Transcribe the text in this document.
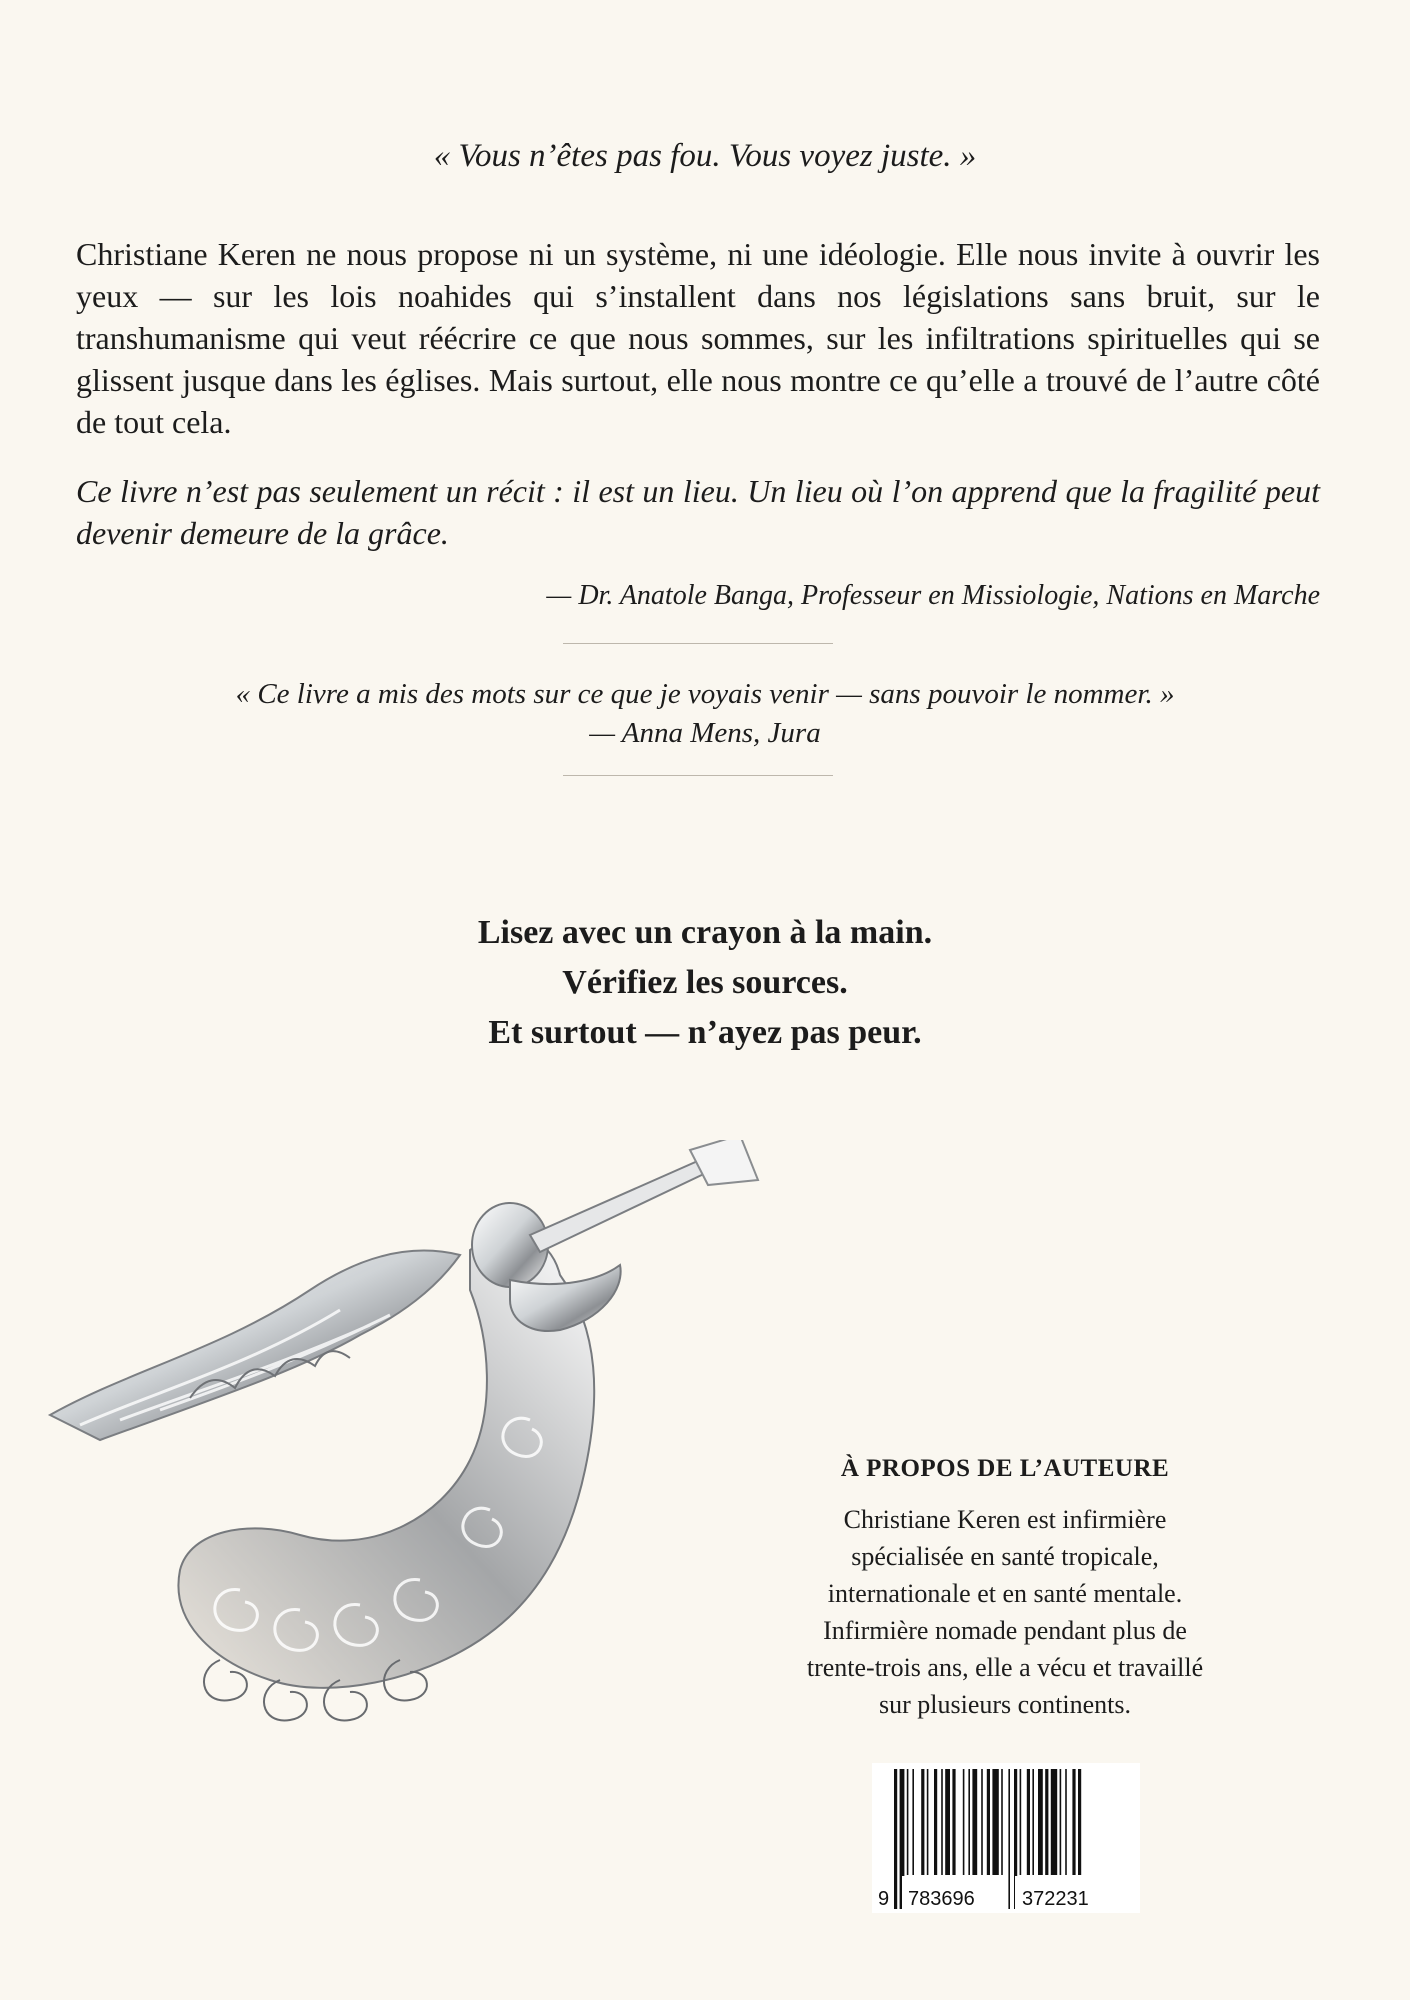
« Vous n’êtes pas fou. Vous voyez juste. »

Christiane Keren ne nous propose ni un système, ni une idéologie. Elle nous invite à ouvrir les yeux — sur les lois noahides qui s’installent dans nos législations sans bruit, sur le transhumanisme qui veut réécrire ce que nous sommes, sur les infiltrations spirituelles qui se glissent jusque dans les églises. Mais surtout, elle nous montre ce qu’elle a trouvé de l’autre côté de tout cela.

Ce livre n’est pas seulement un récit : il est un lieu. Un lieu où l’on apprend que la fragilité peut devenir demeure de la grâce.

— Dr. Anatole Banga, Professeur en Missiologie, Nations en Marche
« Ce livre a mis des mots sur ce que je voyais venir — sans pouvoir le nommer. »
— Anna Mens, Jura
Lisez avec un crayon à la main.
Vérifiez les sources.
Et surtout — n’ayez pas peur.
À PROPOS DE L’AUTEURE
Christiane Keren est infirmière
spécialisée en santé tropicale,
internationale et en santé mentale.
Infirmière nomade pendant plus de
trente-trois ans, elle a vécu et travaillé
sur plusieurs continents.
9 783696 372231
